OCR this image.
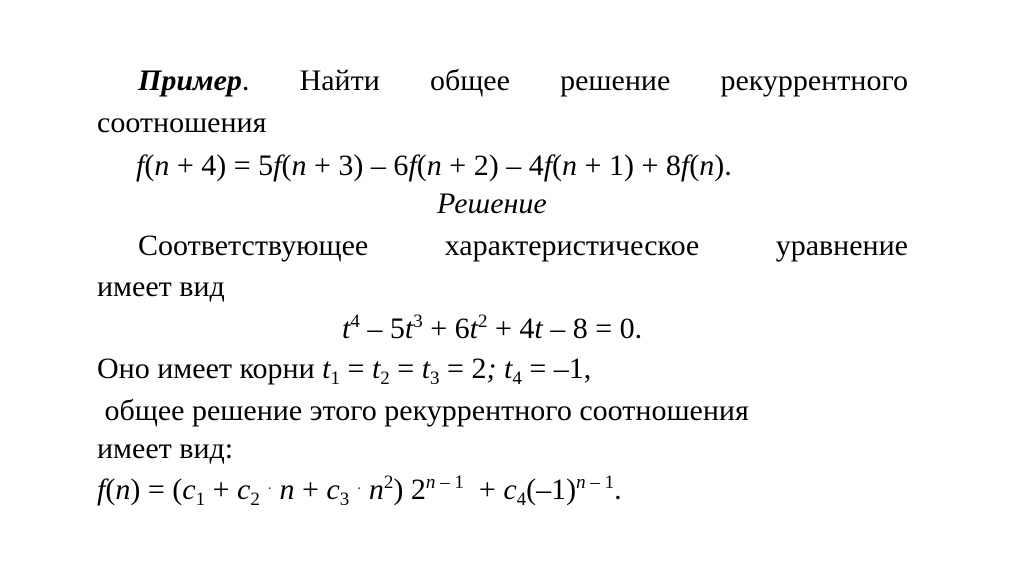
Пример. Найти общее решение рекуррентного
соотношения
f(n + 4) = 5f(n + 3) – 6f(n + 2) – 4f(n + 1) + 8f(n).
Решение
Соответствующее	характеристическое	уравнение
имеет вид
$t^4 - 5t^3 + 6t^2 + 4t - 8 = 0$.
Оно имеет корни $t_1 = t_2 = t_3 = 2$; $t_4 = -1$,
общее решение этого рекуррентного соотношения
имеет вид:
$f(n) = (c_1 + c_2$ · $n + c_3$ · $n^2$) $2^{n - 1} + c_4(-1)^{n - 1}$.
